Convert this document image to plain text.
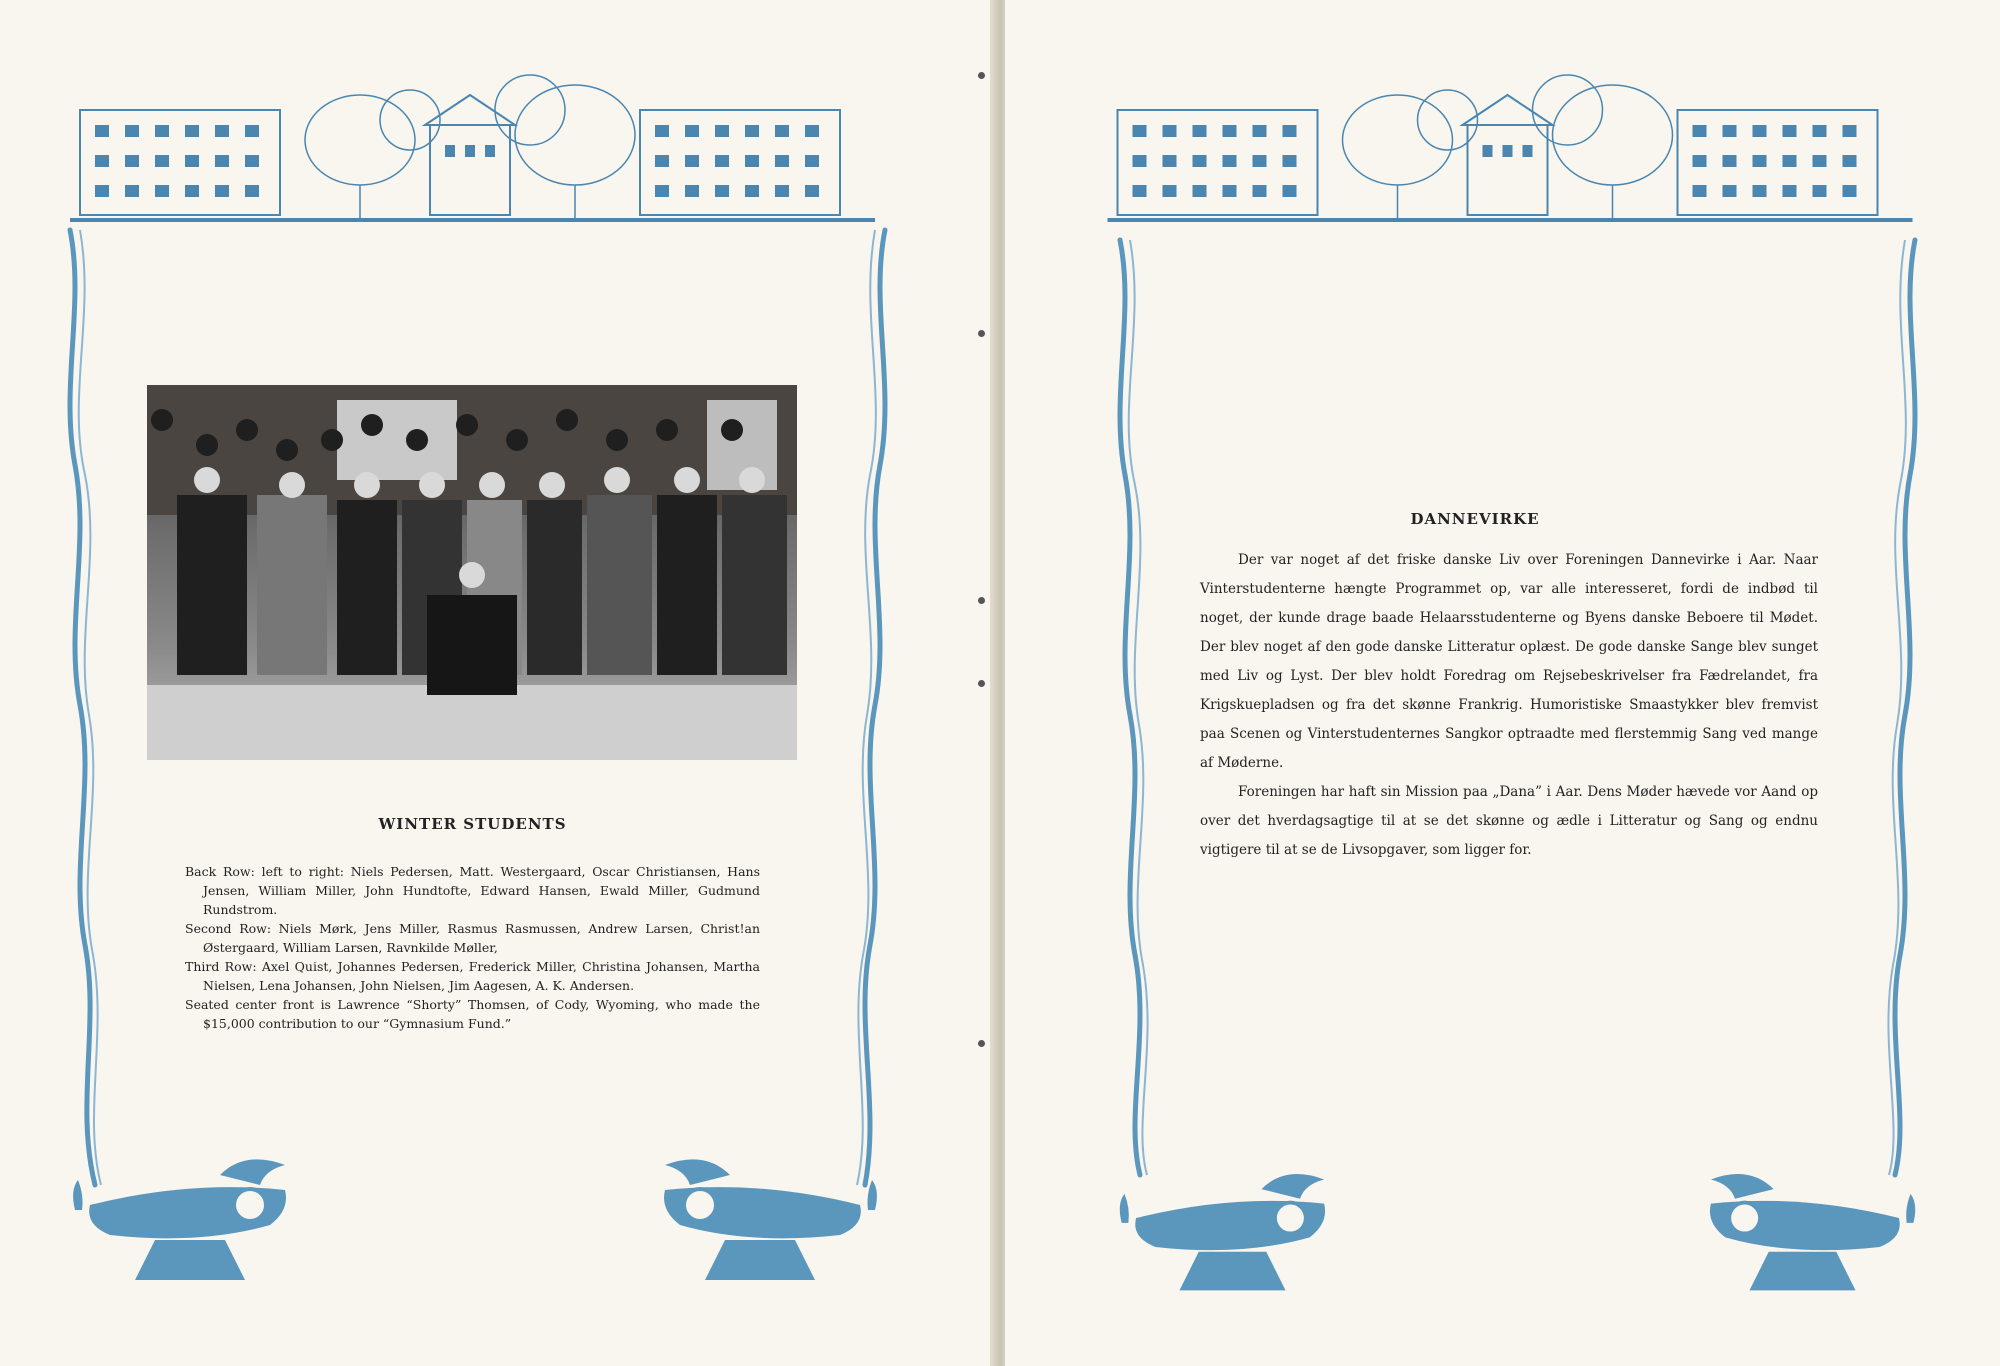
WINTER STUDENTS

Back Row: left to right: Niels Pedersen, Matt. Westergaard, Oscar Christiansen, Hans Jensen, William Miller, John Hundtofte, Edward Hansen, Ewald Miller, Gudmund Rundstrom.

Second Row: Niels Mørk, Jens Miller, Rasmus Rasmussen, Andrew Larsen, Christ!an Østergaard, William Larsen, Ravnkilde Møller,

Third Row: Axel Quist, Johannes Pedersen, Frederick Miller, Christina Johansen, Martha Nielsen, Lena Johansen, John Nielsen, Jim Aagesen, A. K. Andersen.

Seated center front is Lawrence “Shorty” Thomsen, of Cody, Wyoming, who made the $15,000 contribution to our “Gymnasium Fund.”

DANNEVIRKE

Der var noget af det friske danske Liv over Foreningen Dannevirke i Aar. Naar Vinterstudenterne hængte Programmet op, var alle interesseret, fordi de indbød til noget, der kunde drage baade Helaarsstudenterne og Byens danske Beboere til Mødet. Der blev noget af den gode danske Litteratur oplæst. De gode danske Sange blev sunget med Liv og Lyst. Der blev holdt Foredrag om Rejsebeskrivelser fra Fædrelandet, fra Krigskuepladsen og fra det skønne Frankrig. Humoristiske Smaastykker blev fremvist paa Scenen og Vinterstudenternes Sangkor optraadte med flerstemmig Sang ved mange af Møderne.

Foreningen har haft sin Mission paa „Dana” i Aar. Dens Møder hævede vor Aand op over det hverdagsagtige til at se det skønne og ædle i Litteratur og Sang og endnu vigtigere til at se de Livsopgaver, som ligger for.
